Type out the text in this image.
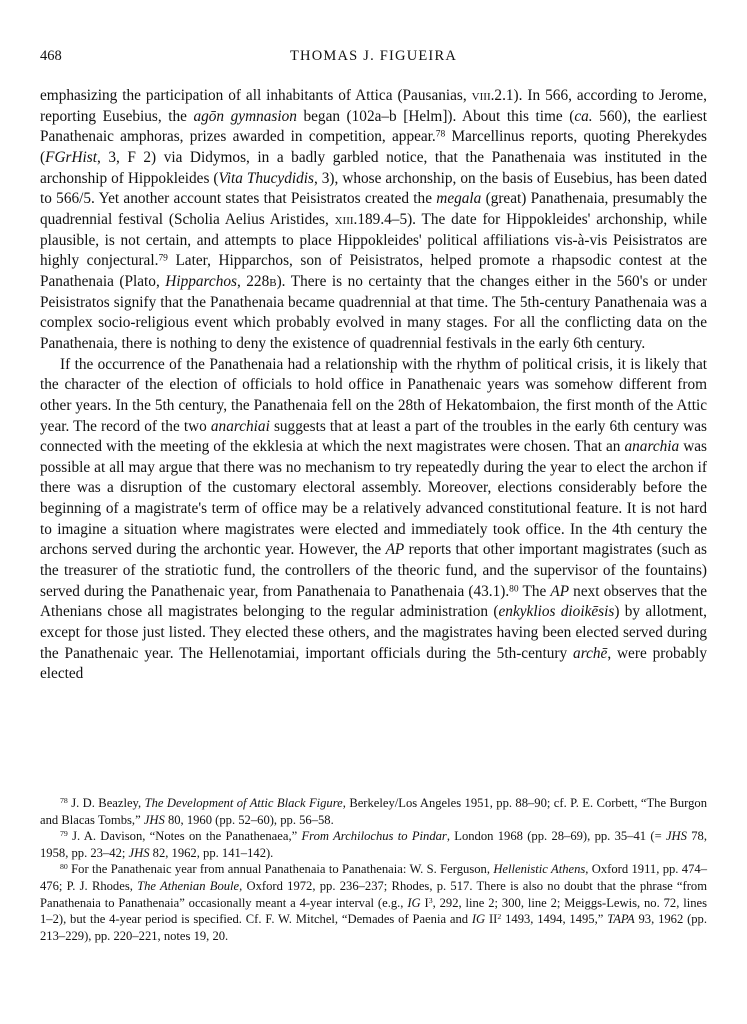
468	THOMAS J. FIGUEIRA

emphasizing the participation of all inhabitants of Attica (Pausanias, viii.2.1). In 566, according to Jerome, reporting Eusebius, the agōn gymnasion began (102a–b [Helm]). About this time (ca. 560), the earliest Panathenaic amphoras, prizes awarded in competition, appear.$^{78}$ Marcellinus reports, quoting Pherekydes (FGrHist, 3, F 2) via Didymos, in a badly garbled notice, that the Panathenaia was instituted in the archonship of Hippokleides (Vita Thucydidis, 3), whose archonship, on the basis of Eusebius, has been dated to 566/5. Yet another account states that Peisistratos created the megala (great) Panathenaia, presumably the quadrennial festival (Scholia Aelius Aristides, xiii.189.4–5). The date for Hippokleides' archonship, while plausible, is not certain, and attempts to place Hippokleides' political affiliations vis-à-vis Peisistratos are highly conjectural.$^{79}$ Later, Hipparchos, son of Peisistratos, helped promote a rhapsodic contest at the Panathenaia (Plato, Hipparchos, 228b). There is no certainty that the changes either in the 560's or under Peisistratos signify that the Panathenaia became quadrennial at that time. The 5th-century Panathenaia was a complex socio-religious event which probably evolved in many stages. For all the conflicting data on the Panathenaia, there is nothing to deny the existence of quadrennial festivals in the early 6th century.

If the occurrence of the Panathenaia had a relationship with the rhythm of political crisis, it is likely that the character of the election of officials to hold office in Panathenaic years was somehow different from other years. In the 5th century, the Panathenaia fell on the 28th of Hekatombaion, the first month of the Attic year. The record of the two anarchiai suggests that at least a part of the troubles in the early 6th century was connected with the meeting of the ekklesia at which the next magistrates were chosen. That an anarchia was possible at all may argue that there was no mechanism to try repeatedly during the year to elect the archon if there was a disruption of the customary electoral assembly. Moreover, elections considerably before the beginning of a magistrate's term of office may be a relatively advanced constitutional feature. It is not hard to imagine a situation where magistrates were elected and immediately took office. In the 4th century the archons served during the archontic year. However, the AP reports that other important magistrates (such as the treasurer of the stratiotic fund, the controllers of the theoric fund, and the supervisor of the fountains) served during the Panathenaic year, from Panathenaia to Panathenaia (43.1).$^{80}$ The AP next observes that the Athenians chose all magistrates belonging to the regular administration (enkyklios dioikēsis) by allotment, except for those just listed. They elected these others, and the magistrates having been elected served during the Panathenaic year. The Hellenotamiai, important officials during the 5th-century archē, were probably elected

$^{78}$ J. D. Beazley, The Development of Attic Black Figure, Berkeley/Los Angeles 1951, pp. 88–90; cf. P. E. Corbett, “The Burgon and Blacas Tombs,” JHS 80, 1960 (pp. 52–60), pp. 56–58.

$^{79}$ J. A. Davison, “Notes on the Panathenaea,” From Archilochus to Pindar, London 1968 (pp. 28–69), pp. 35–41 (= JHS 78, 1958, pp. 23–42; JHS 82, 1962, pp. 141–142).

$^{80}$ For the Panathenaic year from annual Panathenaia to Panathenaia: W. S. Ferguson, Hellenistic Athens, Oxford 1911, pp. 474–476; P. J. Rhodes, The Athenian Boule, Oxford 1972, pp. 236–237; Rhodes, p. 517. There is also no doubt that the phrase “from Panathenaia to Panathenaia” occasionally meant a 4-year interval (e.g., IG $I^3$, 292, line 2; 300, line 2; Meiggs-Lewis, no. 72, lines 1–2), but the 4-year period is specified. Cf. F. W. Mitchel, “Demades of Paenia and IG $II^2$ 1493, 1494, 1495,” TAPA 93, 1962 (pp. 213–229), pp. 220–221, notes 19, 20.
